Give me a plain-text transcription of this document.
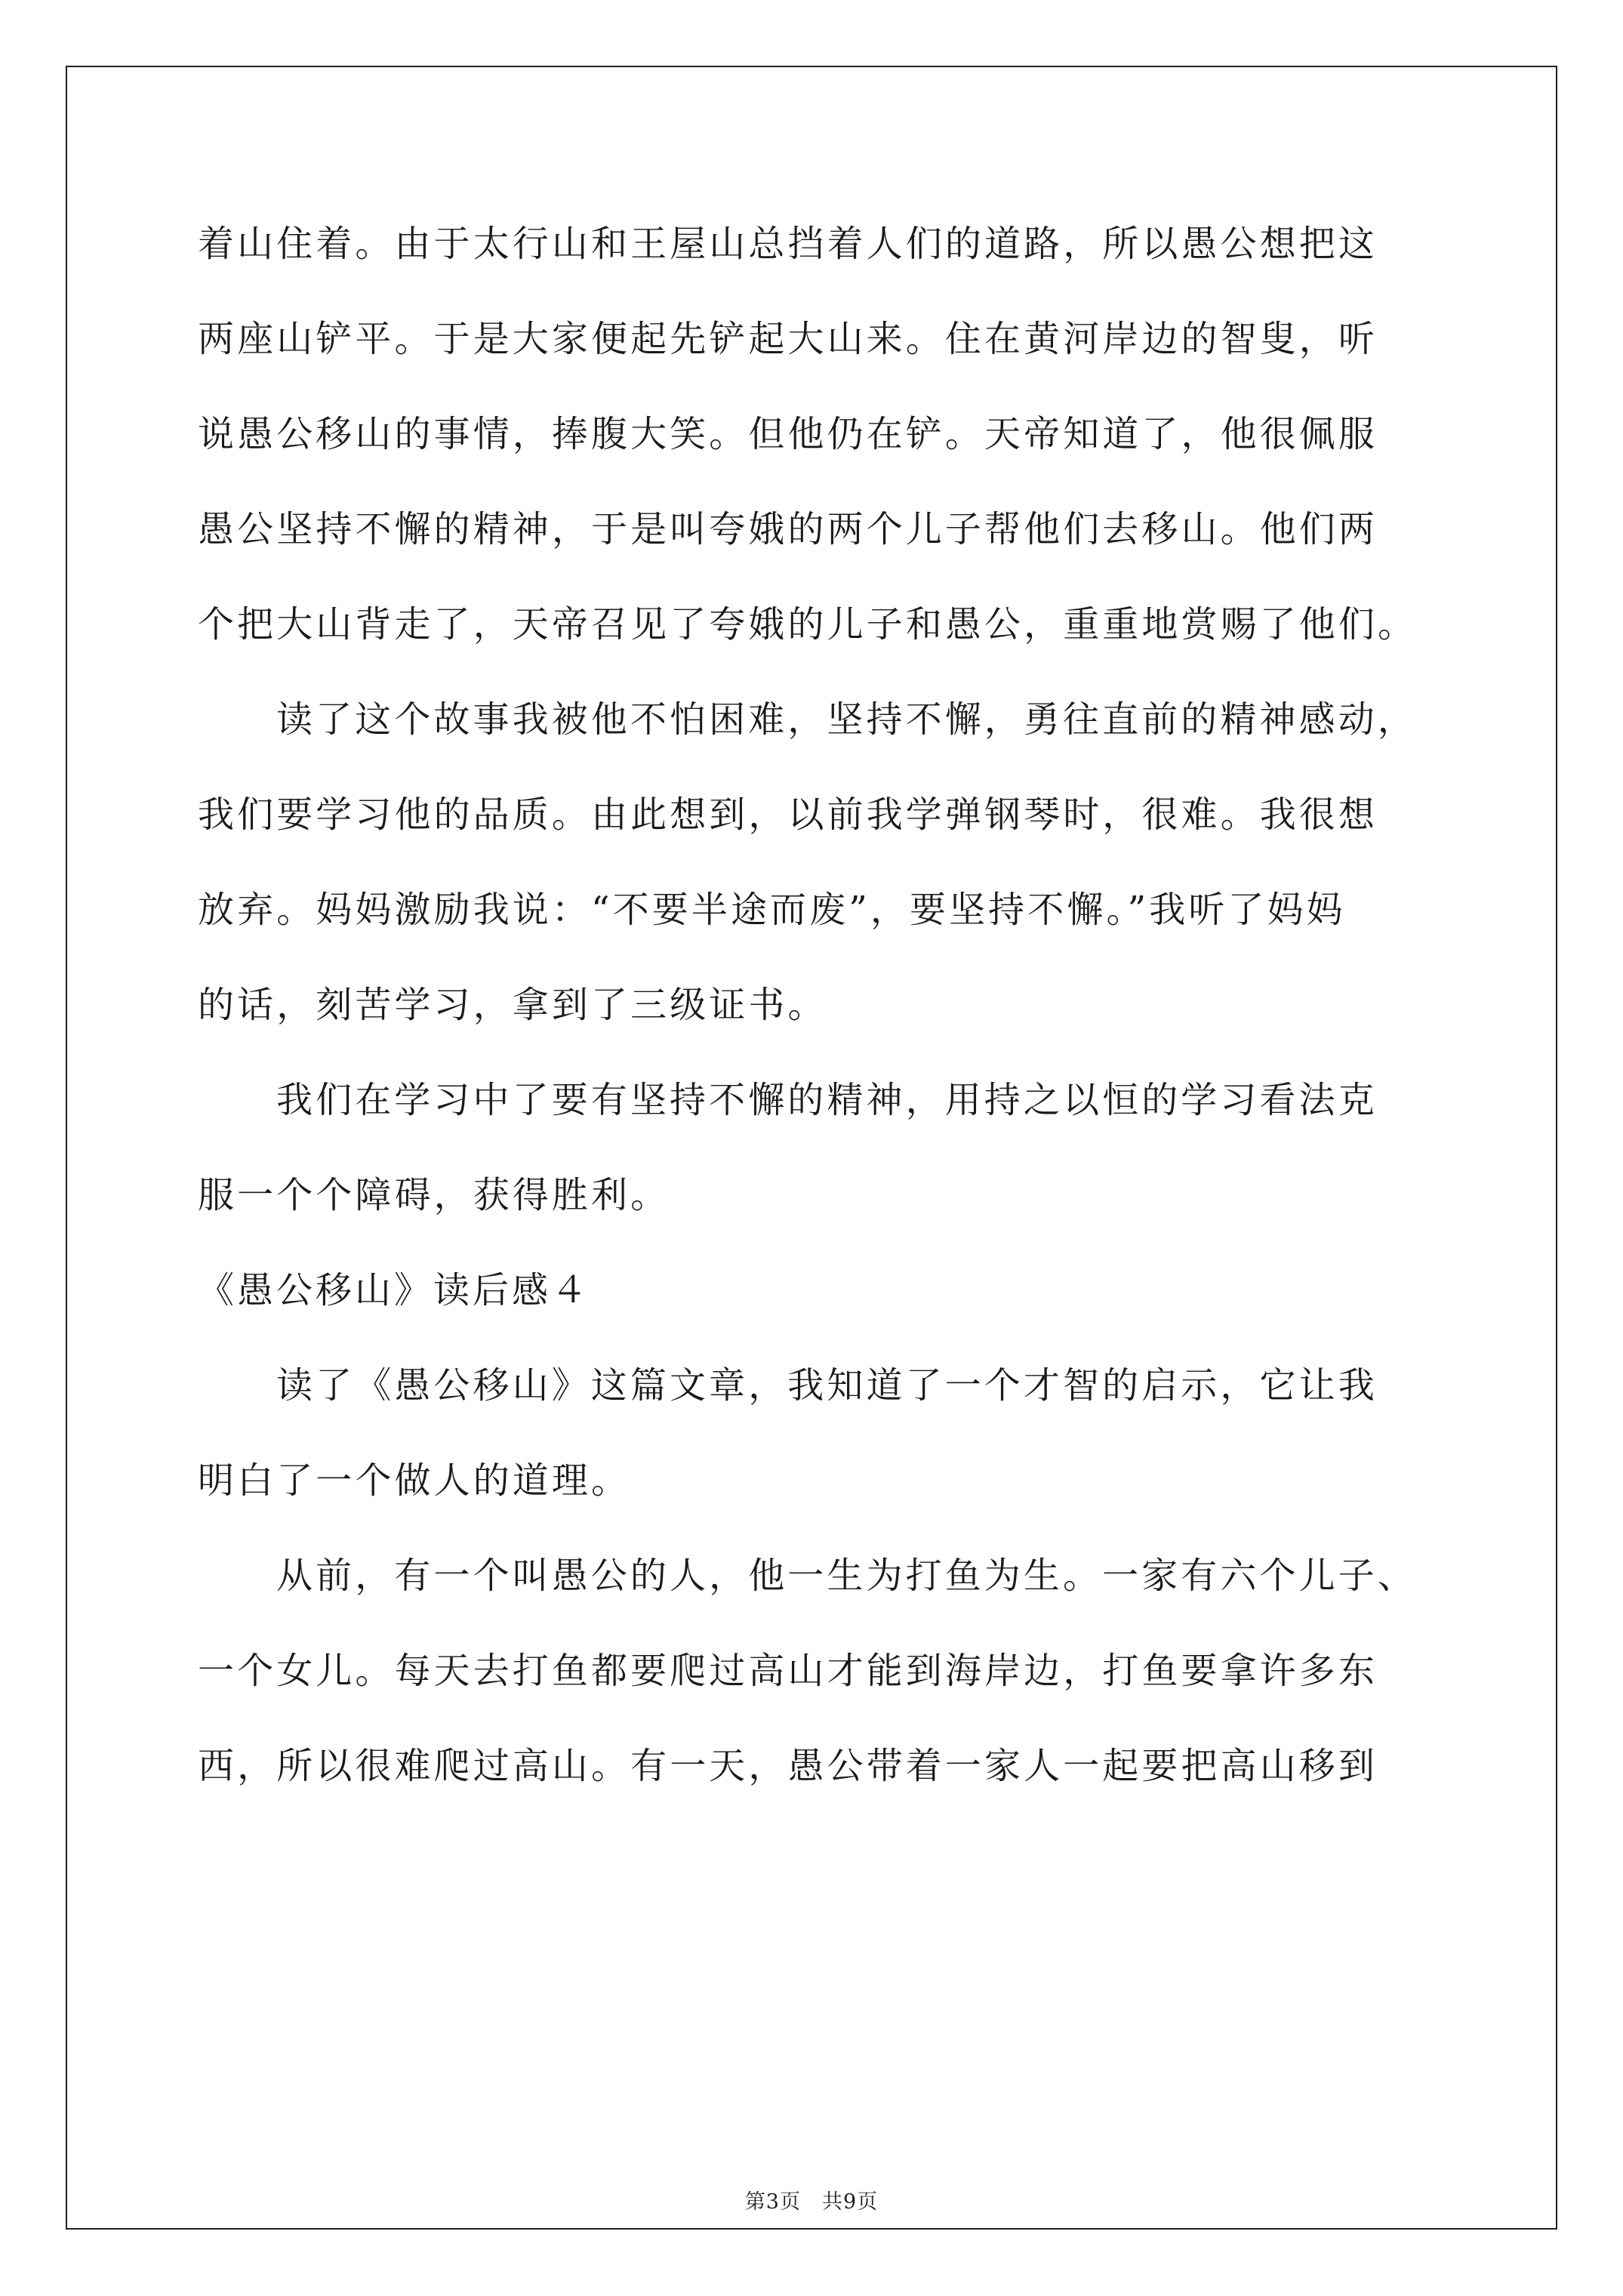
着山住着。由于太行山和王屋山总挡着人们的道路，所以愚公想把这
两座山铲平。于是大家便起先铲起大山来。住在黄河岸边的智叟，听
说愚公移山的事情，捧腹大笑。但他仍在铲。天帝知道了，他很佩服
愚公坚持不懈的精神，于是叫夸娥的两个儿子帮他们去移山。他们两
个把大山背走了，天帝召见了夸娥的儿子和愚公，重重地赏赐了他们。
读了这个故事我被他不怕困难，坚持不懈，勇往直前的精神感动，
我们要学习他的品质。由此想到，以前我学弹钢琴时，很难。我很想
放弃。妈妈激励我说：“不要半途而废”，要坚持不懈。”我听了妈妈
的话，刻苦学习，拿到了三级证书。
我们在学习中了要有坚持不懈的精神，用持之以恒的学习看法克
服一个个障碍，获得胜利。
《愚公移山》读后感４
读了《愚公移山》这篇文章，我知道了一个才智的启示，它让我
明白了一个做人的道理。
从前，有一个叫愚公的人，他一生为打鱼为生。一家有六个儿子、
一个女儿。每天去打鱼都要爬过高山才能到海岸边，打鱼要拿许多东
西，所以很难爬过高山。有一天，愚公带着一家人一起要把高山移到
第3页 共9页
